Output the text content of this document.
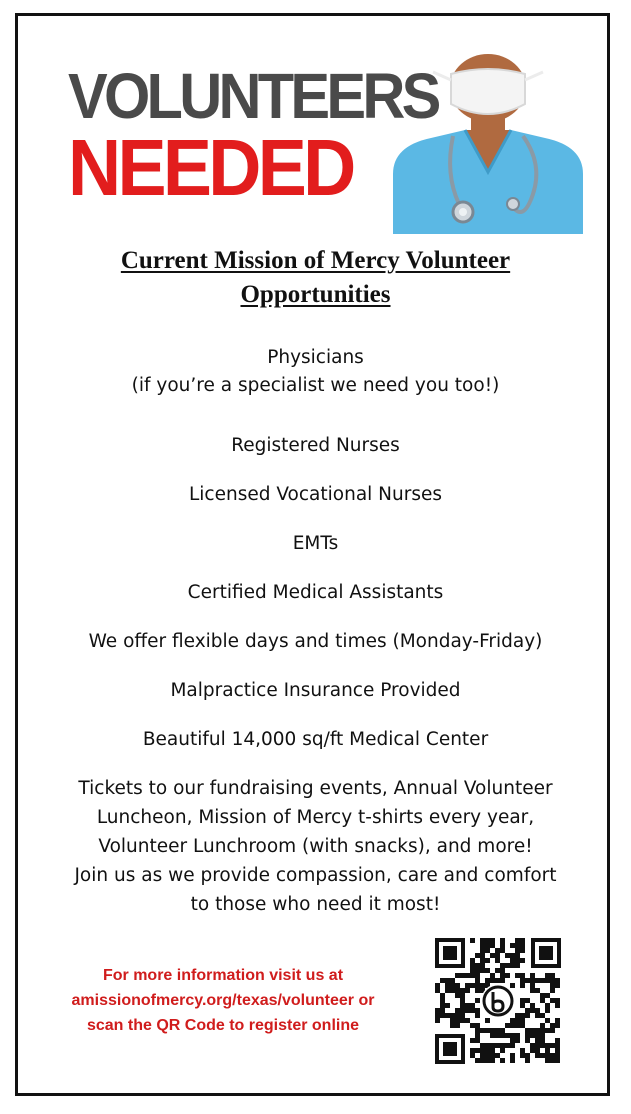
VOLUNTEERS
NEEDED
Current Mission of Mercy Volunteer
Opportunities
Physicians
(if you’re a specialist we need you too!)
Registered Nurses
Licensed Vocational Nurses
EMTs
Certified Medical Assistants
We offer flexible days and times (Monday-Friday)
Malpractice Insurance Provided
Beautiful 14,000 sq/ft Medical Center
Tickets to our fundraising events, Annual Volunteer
Luncheon, Mission of Mercy t-shirts every year,
Volunteer Lunchroom (with snacks), and more!
Join us as we provide compassion, care and comfort
to those who need it most!
For more information visit us at
amissionofmercy.org/texas/volunteer or
scan the QR Code to register online
